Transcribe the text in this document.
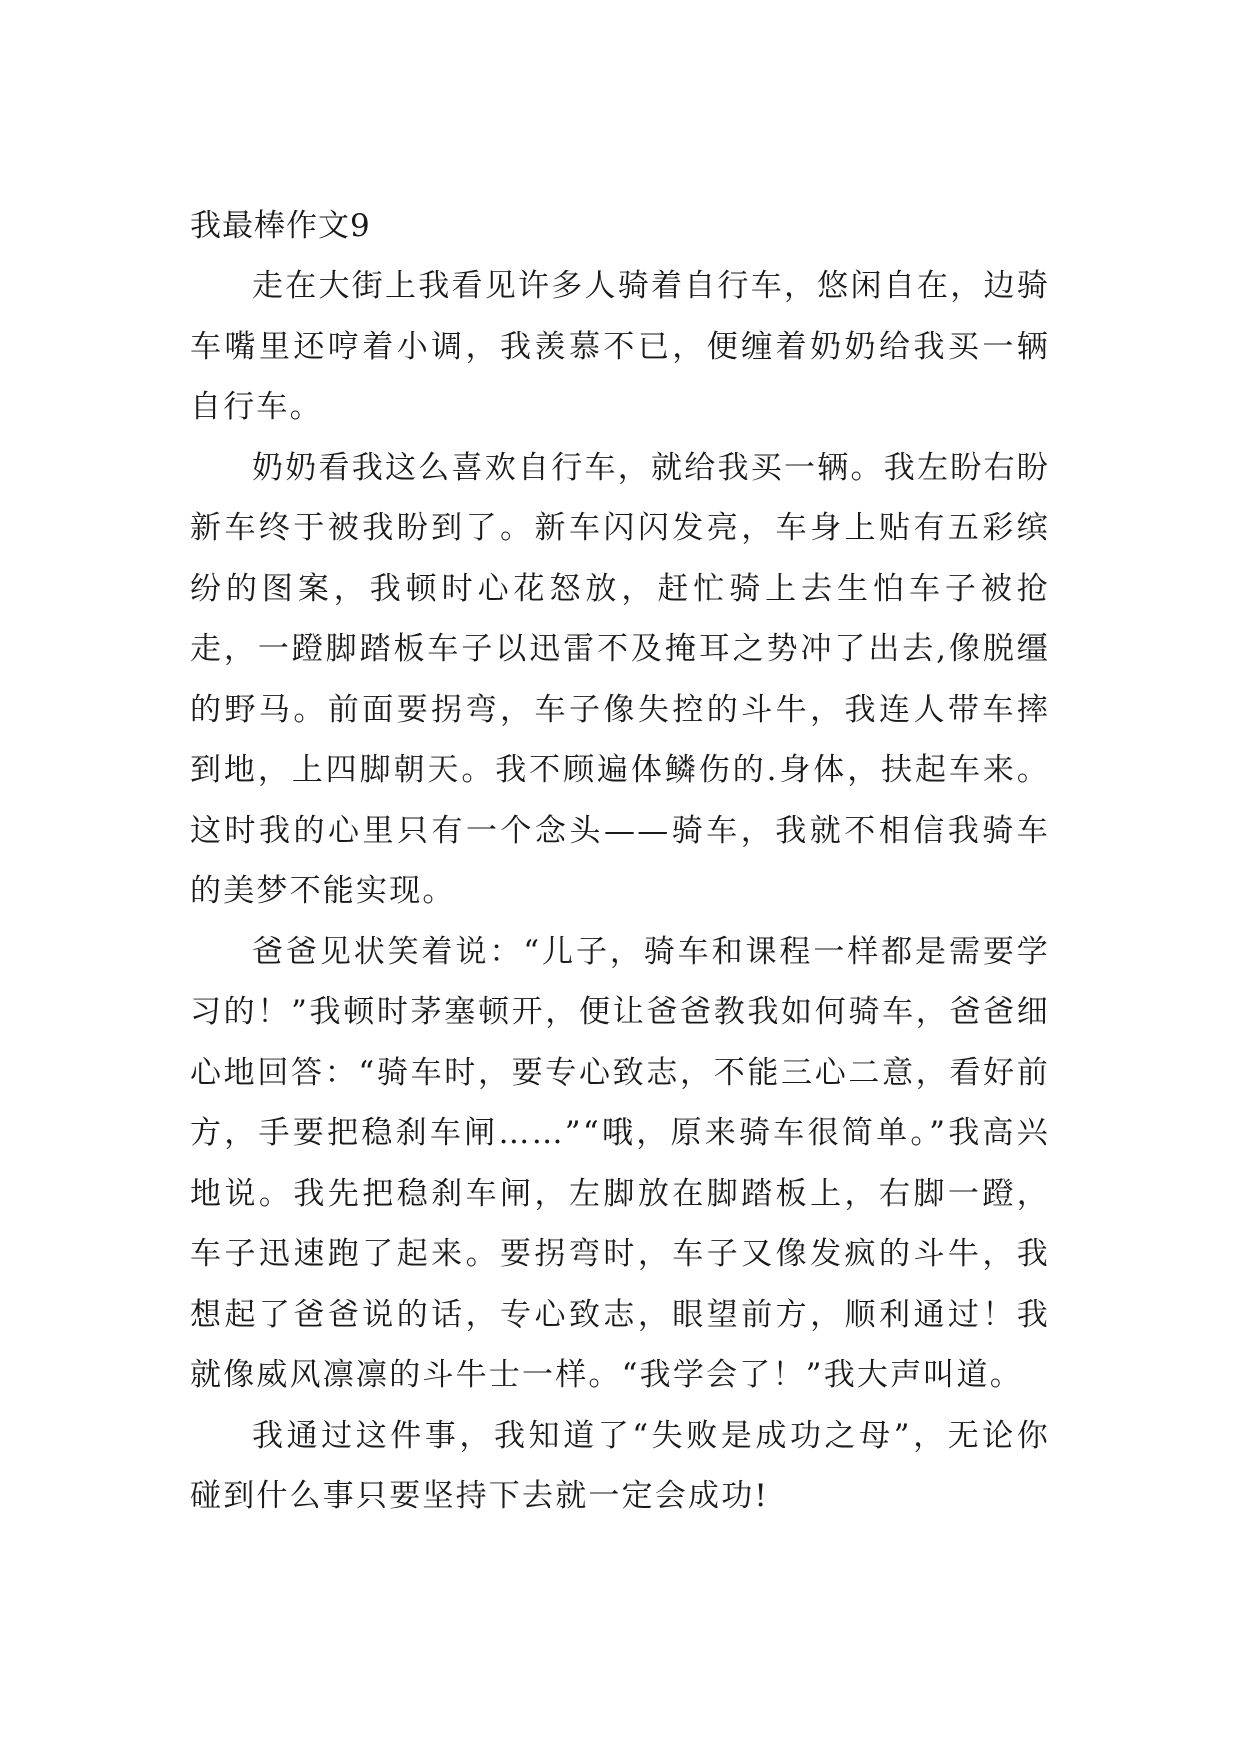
我最棒作文9

走在大街上我看见许多人骑着自行车，悠闲自在，边骑车嘴里还哼着小调，我羡慕不已，便缠着奶奶给我买一辆自行车。

奶奶看我这么喜欢自行车，就给我买一辆。我左盼右盼新车终于被我盼到了。新车闪闪发亮，车身上贴有五彩缤纷的图案，我顿时心花怒放，赶忙骑上去生怕车子被抢走，一蹬脚踏板车子以迅雷不及掩耳之势冲了出去,像脱缰的野马。前面要拐弯，车子像失控的斗牛，我连人带车摔到地，上四脚朝天。我不顾遍体鳞伤的.身体，扶起车来。这时我的心里只有一个念头——骑车，我就不相信我骑车的美梦不能实现。

爸爸见状笑着说：“儿子，骑车和课程一样都是需要学习的！”我顿时茅塞顿开，便让爸爸教我如何骑车，爸爸细心地回答：“骑车时，要专心致志，不能三心二意，看好前方，手要把稳刹车闸……”“哦，原来骑车很简单。”我高兴地说。我先把稳刹车闸，左脚放在脚踏板上，右脚一蹬，车子迅速跑了起来。要拐弯时，车子又像发疯的斗牛，我想起了爸爸说的话，专心致志，眼望前方，顺利通过！我就像威风凛凛的斗牛士一样。“我学会了！”我大声叫道。

我通过这件事，我知道了“失败是成功之母”，无论你碰到什么事只要坚持下去就一定会成功!
